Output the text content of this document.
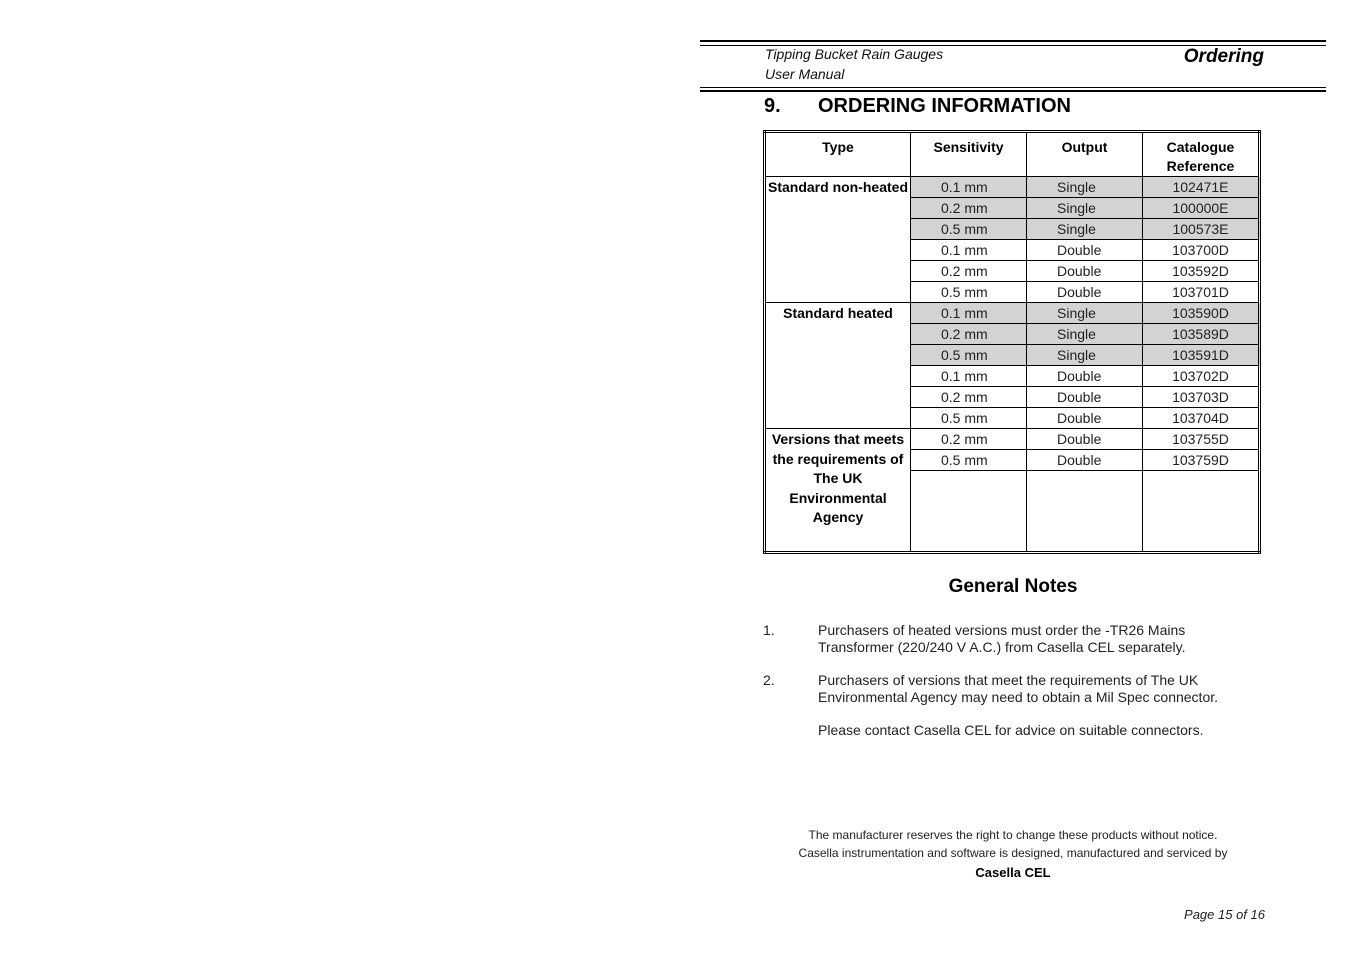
Tipping Bucket Rain Gauges
User Manual
Ordering
9. ORDERING INFORMATION
Type	Sensitivity	Output	Catalogue Reference
Standard non-heated	0.1 mm	Single	102471E
	0.2 mm	Single	100000E
	0.5 mm	Single	100573E
	0.1 mm	Double	103700D
	0.2 mm	Double	103592D
	0.5 mm	Double	103701D
Standard heated	0.1 mm	Single	103590D
	0.2 mm	Single	103589D
	0.5 mm	Single	103591D
	0.1 mm	Double	103702D
	0.2 mm	Double	103703D
	0.5 mm	Double	103704D
Versions that meets the requirements of The UK Environmental Agency	0.2 mm	Double	103755D
	0.5 mm	Double	103759D

General Notes
1.	Purchasers of heated versions must order the -TR26 Mains Transformer (220/240 V A.C.) from Casella CEL separately.
2.	Purchasers of versions that meet the requirements of The UK Environmental Agency may need to obtain a Mil Spec connector.
Please contact Casella CEL for advice on suitable connectors.
The manufacturer reserves the right to change these products without notice.
Casella instrumentation and software is designed, manufactured and serviced by
Casella CEL
Page 15 of 16
